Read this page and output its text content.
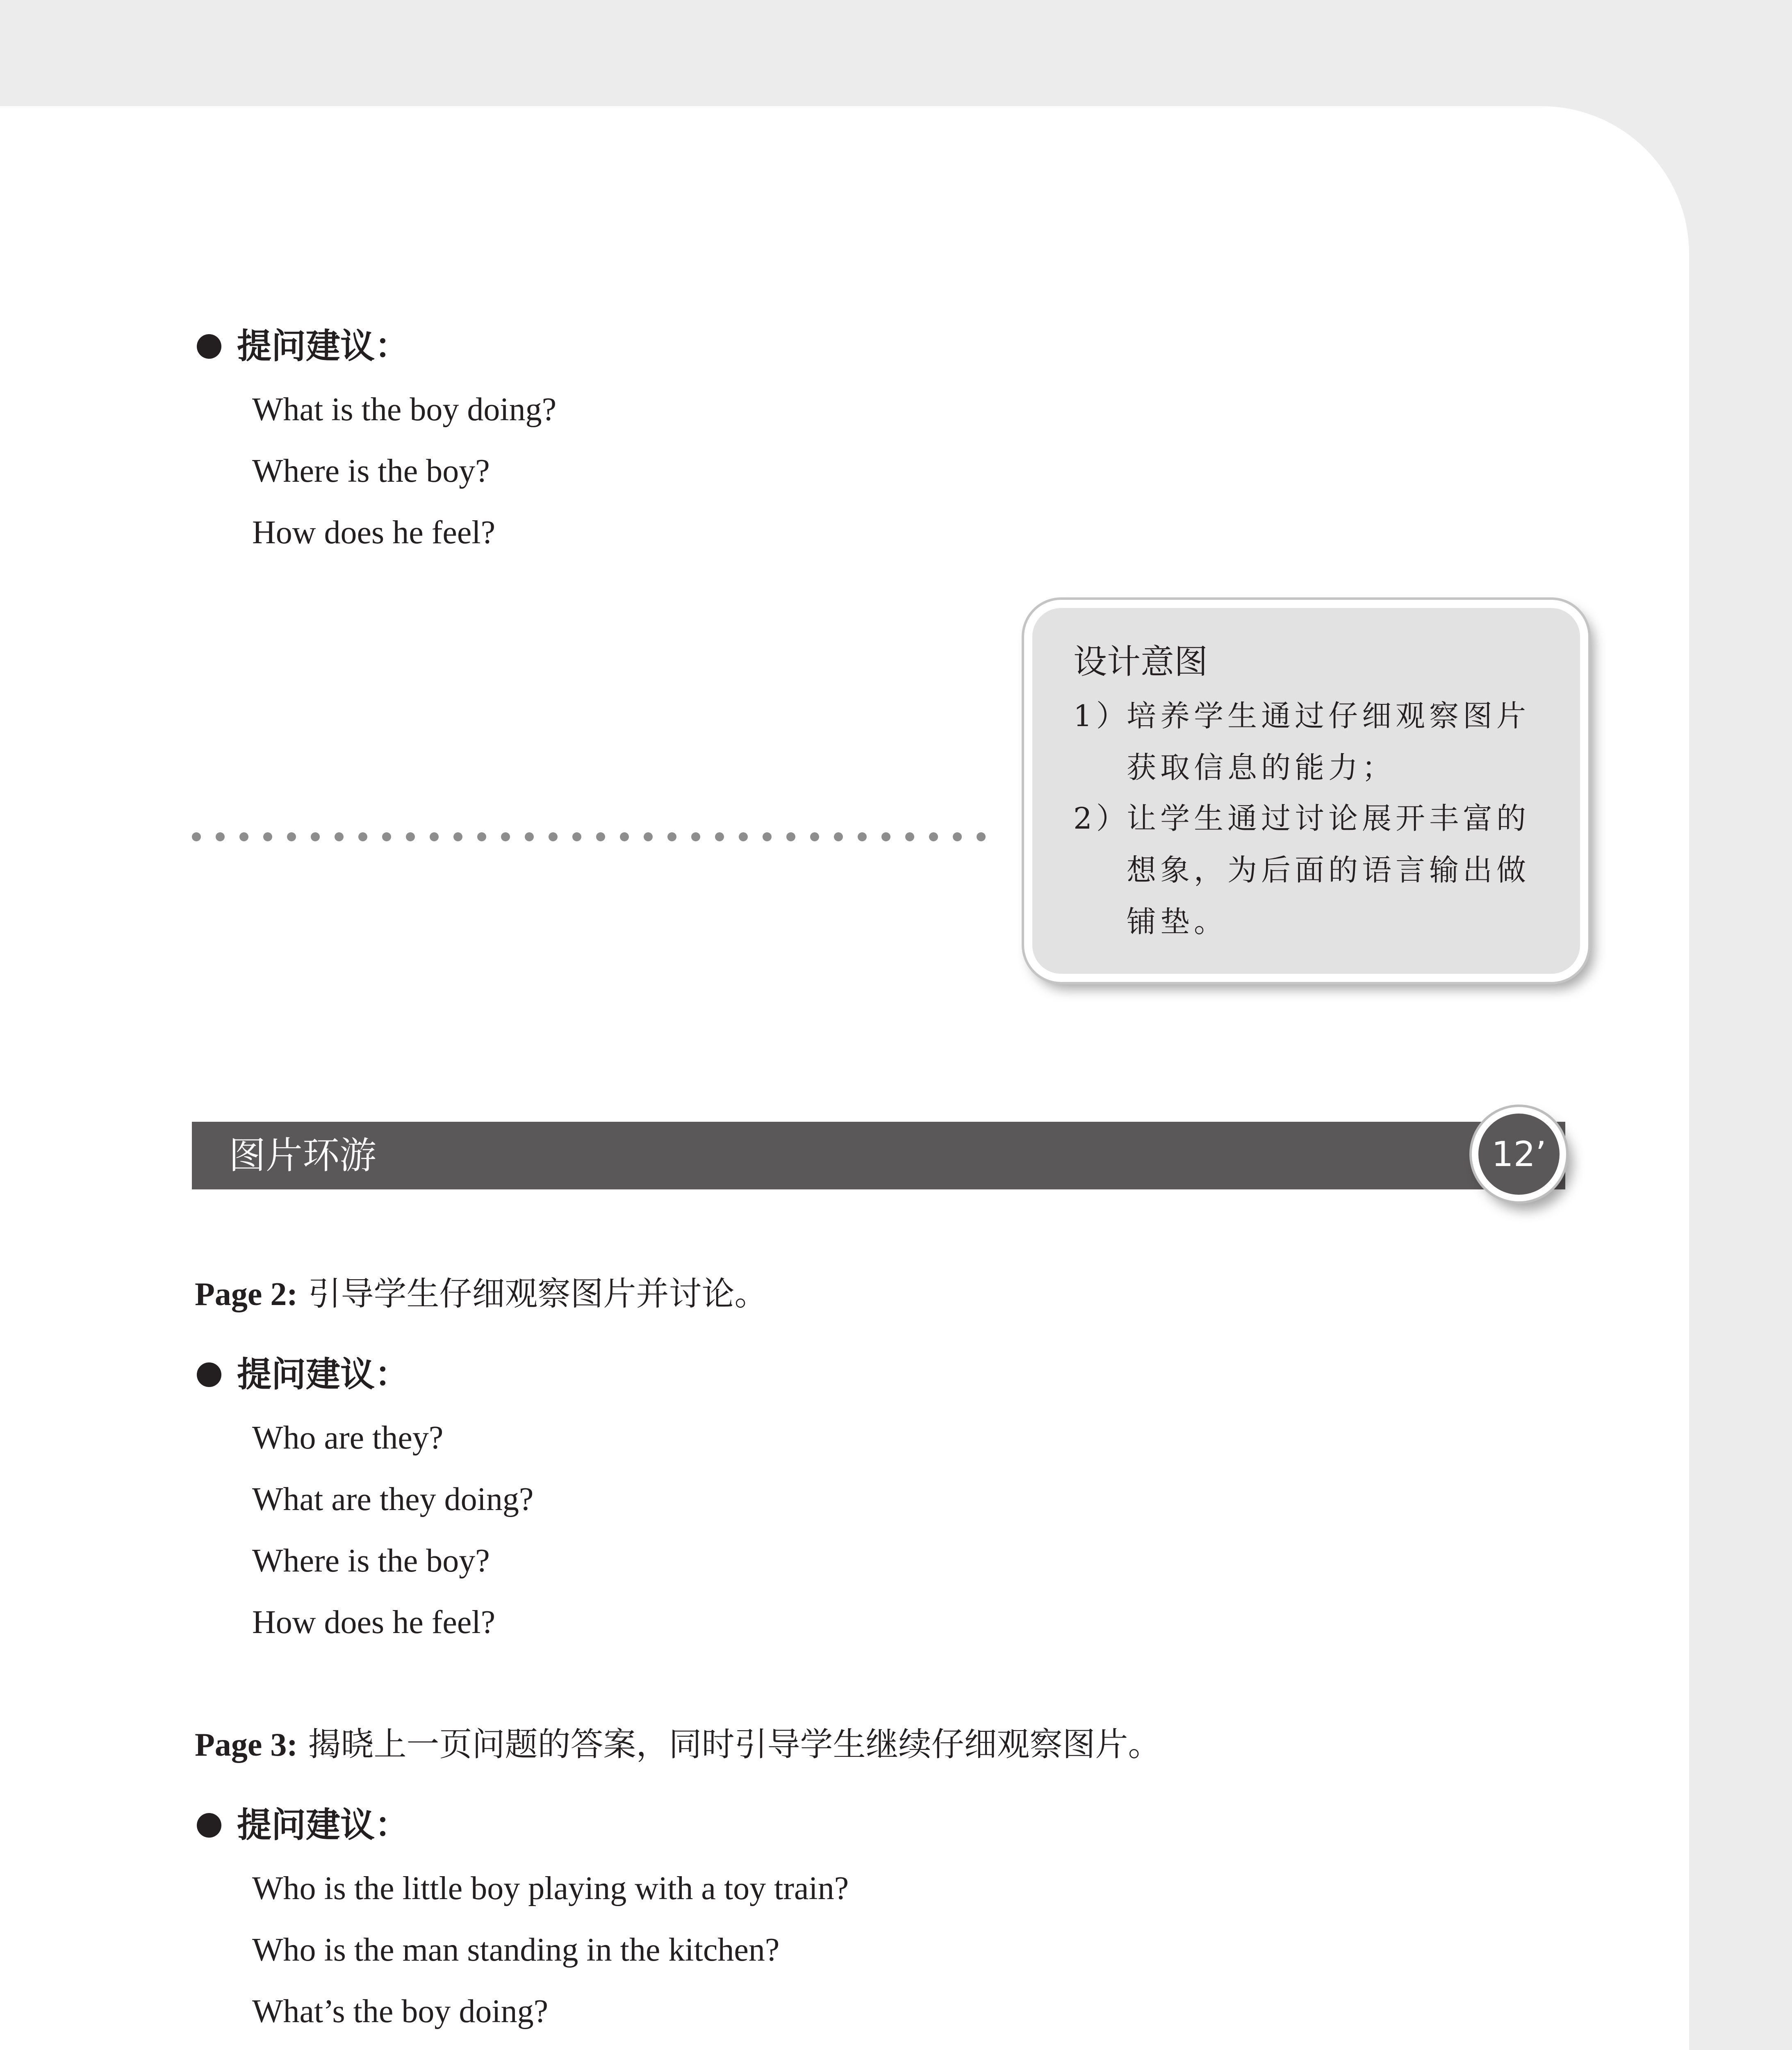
提问建议：
What is the boy doing?
Where is the boy?
How does he feel?
设计意图
1）培养学生通过仔细观察图片
获取信息的能力；
2）让学生通过讨论展开丰富的
想象，为后面的语言输出做铺垫。
图片环游	12’
Page 2: 引导学生仔细观察图片并讨论。
提问建议：
Who are they?
What are they doing?
Where is the boy?
How does he feel?
Page 3: 揭晓上一页问题的答案，同时引导学生继续仔细观察图片。
提问建议：
Who is the little boy playing with a toy train?
Who is the man standing in the kitchen?
What’s the boy doing?
